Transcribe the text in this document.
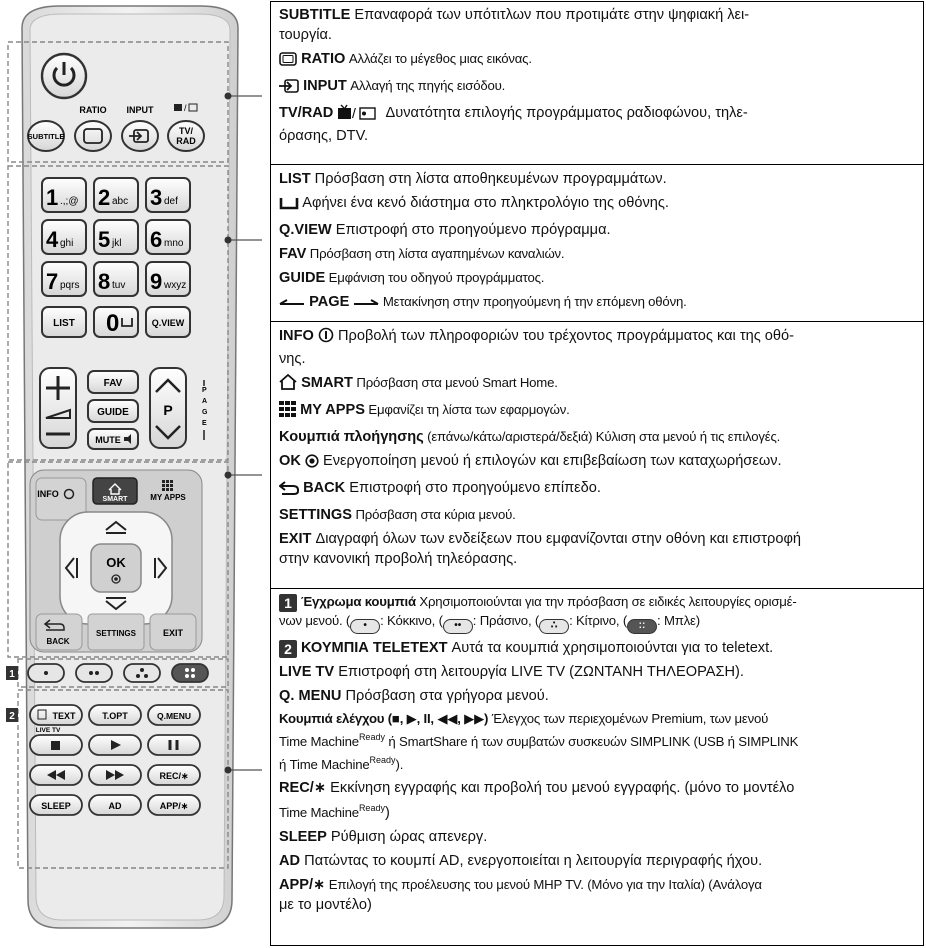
RATIO INPUT	/
SUBTITLE
TV/
RAD
1 .,;@ 2 abc 3 def
4 ghi 5 jkl 6 mno
7 pqrs 8 tuv 9 wxyz
LIST 0	Q.VIEW
FAV
GUIDE
MUTE
P
P
A
G
E
INFO
SMART	MY APPS
OK
BACK
SETTINGS	EXIT
1
2	TEXT	T.OPT	Q.MENU
LIVE TV
REC/∗
SLEEP	AD	APP/∗

SUBTITLE Επαναφορά των υπότιτλων που προτιμάτε στην ψηφιακή λει-
τουργία.

RATIO Αλλάζει το μέγεθος μιας εικόνας.

INPUT Αλλαγή της πηγής εισόδου.

TV/RAD / Δυνατότητα επιλογής προγράμματος ραδιοφώνου, τηλε-
όρασης, DTV.

LIST Πρόσβαση στη λίστα αποθηκευμένων προγραμμάτων.

Αφήνει ένα κενό διάστημα στο πληκτρολόγιο της οθόνης.

Q.VIEW Επιστροφή στο προηγούμενο πρόγραμμα.

FAV Πρόσβαση στη λίστα αγαπημένων καναλιών.

GUIDE Εμφάνιση του οδηγού προγράμματος.

PAGE  Μετακίνηση στην προηγούμενη ή την επόμενη οθόνη.

INFO  Προβολή των πληροφοριών του τρέχοντος προγράμματος και της οθό-
νης.

SMART Πρόσβαση στα μενού Smart Home.

MY APPS Εμφανίζει τη λίστα των εφαρμογών.

Κουμπιά πλοήγησης (επάνω/κάτω/αριστερά/δεξιά) Κύλιση στα μενού ή τις επιλογές.

OK  Ενεργοποίηση μενού ή επιλογών και επιβεβαίωση των καταχωρήσεων.

BACK Επιστροφή στο προηγούμενο επίπεδο.

SETTINGS Πρόσβαση στα κύρια μενού.

EXIT Διαγραφή όλων των ενδείξεων που εμφανίζονται στην οθόνη και επιστροφή
στην κανονική προβολή τηλεόρασης.

1 Έγχρωμα κουμπιά Χρησιμοποιούνται για την πρόσβαση σε ειδικές λειτουργίες ορισμέ-
νων μενού. ( • : Κόκκινο, ( •• : Πράσινο, ( ∴ : Κίτρινο, ( :: : Μπλε)

2 ΚΟΥΜΠΙΑ TELETEXT Αυτά τα κουμπιά χρησιμοποιούνται για το teletext.

LIVE TV Επιστροφή στη λειτουργία LIVE TV (ΖΩΝΤΑΝΗ ΤΗΛΕΟΡΑΣΗ).

Q. MENU Πρόσβαση στα γρήγορα μενού.

Κουμπιά ελέγχου (■, ▶, II, ◀◀, ▶▶) Έλεγχος των περιεχομένων Premium, των μενού
Time Machine$^{Ready}$ ή SmartShare ή των συμβατών συσκευών SIMPLINK (USB ή SIMPLINK
ή Time Machine$^{Ready}$).

REC/∗ Εκκίνηση εγγραφής και προβολή του μενού εγγραφής. (μόνο το μοντέλο
Time Machine$^{Ready}$)

SLEEP Ρύθμιση ώρας απενεργ.

AD Πατώντας το κουμπί AD, ενεργοποιείται η λειτουργία περιγραφής ήχου.

APP/∗ Επιλογή της προέλευσης του μενού MHP TV. (Μόνο για την Ιταλία) (Ανάλογα
με το μοντέλο)
